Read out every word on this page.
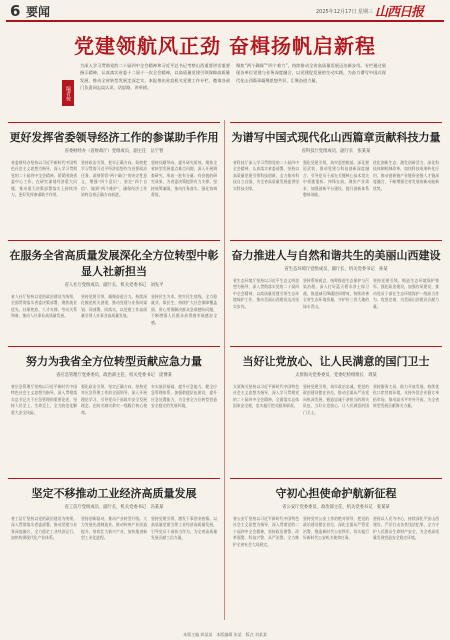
6 要闻	2025年12月17日 星期三 山西日报
党建领航风正劲 奋楫扬帆启新程
编者按
为深入学习贯彻党的二十届四中全会精神和习近平总书记考察山西重要讲话重要指示精神，认真落实省委十二届十一次全会精神，以高质量党建引领保障高质量发展，推动全省转型发展走深走实，本报推出省直机关党建工作专栏，邀请各部门负责同志谈认识、话思路、讲举措。
聚焦“两个确保”“四个着力”，持续推动全省高质量发展迈出新步伐。专栏通过展现各单位党建与业务深度融合、以党建促发展的生动实践，为奋力谱写中国式现代化山西篇章凝聚思想共识、汇聚奋进力量。
更好发挥省委领导经济工作的参谋助手作用
省委财经办（省财政厅）党组成员、副主任　岳宁智

省委财经办坚持以习近平新时代中国特色社会主义思想为指导，深入学习贯彻党的二十届四中全会精神，紧紧围绕省委中心工作，在研究谋划经济重大问题、推动重大决策部署落实上持续用力，更好发挥参谋助手作用。

坚持政治引领，把牢正确方向。始终把学习贯彻习近平经济思想作为首要政治任务，深刻领悟“两个确立”的决定性意义，增强“四个意识”、坚定“四个自信”、做到“两个维护”，确保经济工作始终沿着正确方向前进。

坚持问题导向，提升研究质效。聚焦全省转型发展重点难点问题，深入开展调查研究，形成一批有分量、有价值的研究成果，为省委决策提供有力支撑。坚持统筹兼顾，推动任务落实，强化协调督促。

为谱写中国式现代化山西篇章贡献科技力量
省科技厅党组成员、副厅长　张某某

省科技厅深入学习贯彻党的二十届四中全会精神，认真落实省委部署，坚持以高质量党建引领科技创新，全力推动科技自立自强，为全省高质量发展提供坚实科技支撑。

强化党建引领，筑牢思想根基。深化理论武装，推动党建与科技创新深度融合，引导党员干部在关键核心技术攻关中勇挑重担、冲锋在前。聚焦产业需求，加强创新平台建设，提升创新体系整体效能。

优化创新生态，激发创新活力。深化科技体制机制改革，加快科技成果转化应用，推动创新链产业链资金链人才链深度融合，不断增强全省发展的新动能新优势。

在服务全省高质量发展深化全方位转型中彰显人社新担当
省人社厅党组成员、副厅长，机关党委书记　刘先平

省人社厅坚持以党的政治建设为统领，全面贯彻落实省委决策部署，聚焦就业优先、社保兜底、人才支撑、劳动关系和谐，推动人社事业高质量发展。

坚持党建引领，凝聚奋进合力。持续深化模范机关创建，推动党建与业务同谋划、同部署、同落实，以党建工作高质量引领人社事业高质量发展。

坚持民生为本，兜牢民生底线。全力稳就业、保民生，持续扩大社会保障覆盖面，用心用情解决群众急难愁盼问题，不断增强人民群众获得感幸福感安全感。

奋力推进人与自然和谐共生的美丽山西建设
省生态环境厅党组成员、副厅长，机关党委书记　孙某

省生态环境厅坚持以习近平生态文明思想为指导，深入贯彻落实党的二十届四中全会精神，以高质量党建引领生态环境保护工作，推动美丽山西建设迈出坚实步伐。

坚持系统观念，统筹推进生态保护与污染治理。深入打好蓝天碧水净土保卫战，推进减污降碳协同增效，持续改善全省生态环境质量，守护好三晋大地的绿水青山。

坚持党建引领，锻造生态环境保护铁军。强化政治建设，加强作风建设，推动党员干部在生态环境保护一线担当作为、攻坚克难，为美丽山西建设贡献力量。

努力为我省全方位转型贡献应急力量
省应急管理厅党委委员、政治部主任，机关党委书记　庞博某

省应急管理厅坚持以习近平新时代中国特色社会主义思想为指导，深入贯彻落实总书记关于应急管理的重要论述，坚持人民至上、生命至上，全力防范化解重大安全风险。

强化政治引领，坚定正确方向。坚持党对应急管理工作的全面领导，深入开展理论学习，引导党员干部筑牢安全发展理念，在防灾减灾救灾一线践行初心使命。

夯实基层基础，提升应急能力。健全应急管理体系，加强救援队伍建设，提升应急处置能力，为全省全方位转型营造安全稳定的发展环境。

当好让党放心、让人民满意的国门卫士
太原海关党委委员、党委纪检组组长　周某

太原海关坚持以习近平新时代中国特色社会主义思想为指导，深入学习贯彻党的二十届四中全会精神，全面落实总体国家安全观，忠实履行把关服务职责。

坚持党建引领，筑牢政治忠诚。把党的政治建设摆在首位，推动全面从严治党向纵深发展，锻造忠诚干净担当的海关队伍，当好让党放心、让人民满意的国门卫士。

坚持服务大局，助力开放发展。持续优化口岸营商环境，支持外贸企业稳订单拓市场，推动高水平对外开放，为全省转型发展贡献海关力量。

坚定不移推动工业经济高质量发展
省工信厅党组成员、副厅长，机关党委书记　冯某某

省工信厅坚持以党的政治建设为统领，深入贯彻落实省委部署，推动党建与业务深度融合，全力稳定工业经济运行，加快构建现代化产业体系。

坚持创新驱动，推动产业转型升级。大力发展先进制造业，推动传统产业改造提升，培育壮大新兴产业，加快推进新型工业化进程。

坚持党建引领，激发干事创业热情。以高质量党建引领工业经济高质量发展，引导党员干部担当作为，为全省高质量发展贡献工信力量。

守初心担使命护航新征程
省公安厅党委委员、政治部主任，机关党委书记　张某某

省公安厅坚持以习近平新时代中国特色社会主义思想为指导，深入贯彻党的二十届四中全会精神，坚持政治建警、改革强警、科技兴警、从严治警，全力维护全省社会大局稳定。

坚持党对公安工作的绝对领导，把党的政治建设摆在首位，深化全面从严管党治警，锻造新时代公安铁军，切实履行好新时代公安机关使命任务。

坚持以人民为中心，持续深化平安山西建设，严厉打击各类违法犯罪，全力守护人民群众生命财产安全，为全省高质量发展营造安全稳定环境。

本版主编 郭某某　本版编辑 张某　版式 刘某某
